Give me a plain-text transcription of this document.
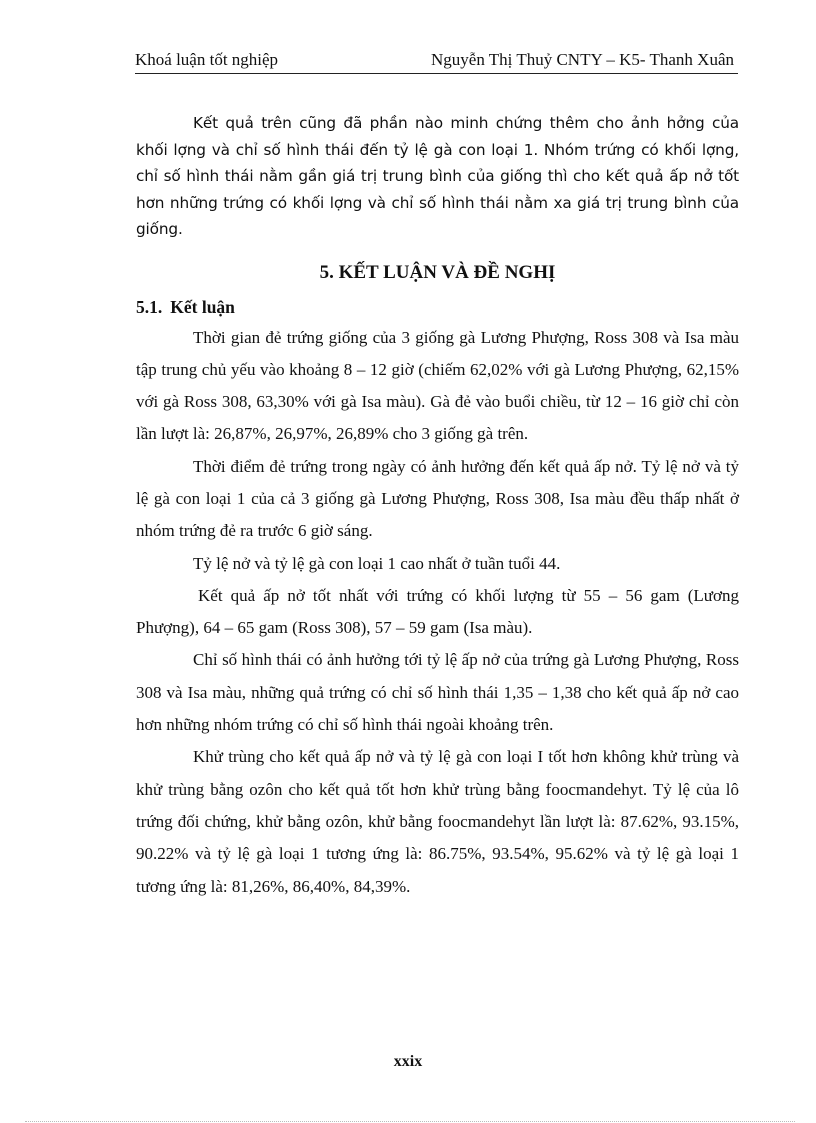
Khoá luận tốt nghiệp	Nguyễn Thị Thuỷ CNTY – K5- Thanh Xuân

Kết quả trên cũng đã phần nào minh chứng thêm cho ảnh hởng của khối lợng và chỉ số hình thái đến tỷ lệ gà con loại 1. Nhóm trứng có khối lợng, chỉ số hình thái nằm gần giá trị trung bình của giống thì cho kết quả ấp nở tốt hơn những trứng có khối lợng và chỉ số hình thái nằm xa giá trị trung bình của giống.

5. KẾT LUẬN VÀ ĐỀ NGHỊ
5.1. Kết luận

Thời gian đẻ trứng giống của 3 giống gà Lương Phượng, Ross 308 và Isa màu tập trung chủ yếu vào khoảng 8 – 12 giờ (chiếm 62,02% với gà Lương Phượng, 62,15% với gà Ross 308, 63,30% với gà Isa màu). Gà đẻ vào buổi chiều, từ 12 – 16 giờ chỉ còn lần lượt là: 26,87%, 26,97%, 26,89% cho 3 giống gà trên.

Thời điểm đẻ trứng trong ngày có ảnh hưởng đến kết quả ấp nở. Tỷ lệ nở và tỷ lệ gà con loại 1 của cả 3 giống gà Lương Phượng, Ross 308, Isa màu đều thấp nhất ở nhóm trứng đẻ ra trước 6 giờ sáng.

Tỷ lệ nở và tỷ lệ gà con loại 1 cao nhất ở tuần tuổi 44.

Kết quả ấp nở tốt nhất với trứng có khối lượng từ 55 – 56 gam (Lương Phượng), 64 – 65 gam (Ross 308), 57 – 59 gam (Isa màu).

Chỉ số hình thái có ảnh hưởng tới tỷ lệ ấp nở của trứng gà Lương Phượng, Ross 308 và Isa màu, những quả trứng có chỉ số hình thái 1,35 – 1,38 cho kết quả ấp nở cao hơn những nhóm trứng có chỉ số hình thái ngoài khoảng trên.

Khử trùng cho kết quả ấp nở và tỷ lệ gà con loại I tốt hơn không khử trùng và khử trùng bằng ozôn cho kết quả tốt hơn khử trùng bằng foocmandehyt. Tỷ lệ của lô trứng đối chứng, khử bằng ozôn, khử bằng foocmandehyt lần lượt là: 87.62%, 93.15%, 90.22% và tỷ lệ gà loại 1 tương ứng là: 86.75%, 93.54%, 95.62% và tỷ lệ gà loại 1 tương ứng là: 81,26%, 86,40%, 84,39%.

xxix
